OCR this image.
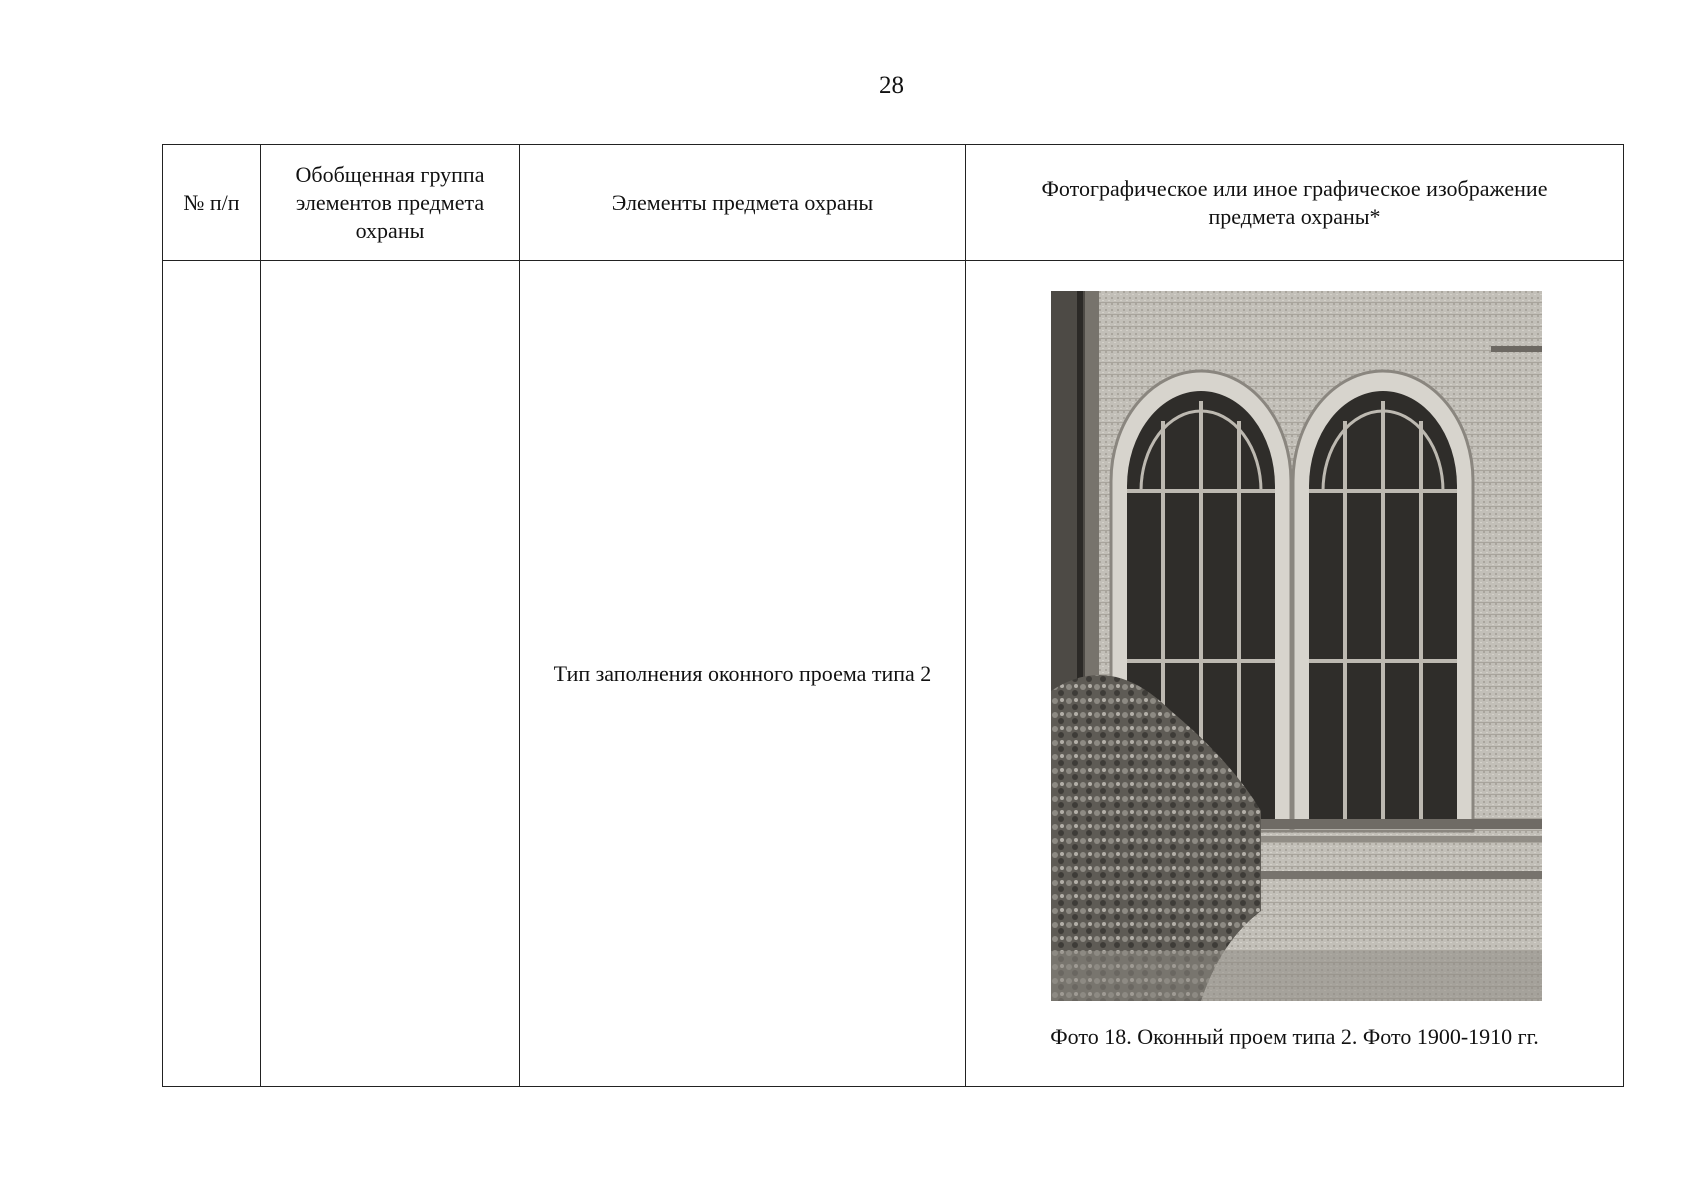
28
№ п/п	Обобщенная группа элементов предмета охраны	Элементы предмета охраны	Фотографическое или иное графическое изображение предмета охраны*

		Тип заполнения оконного проема типа 2	Фото 18. Оконный проем типа 2. Фото 1900-1910 гг.
